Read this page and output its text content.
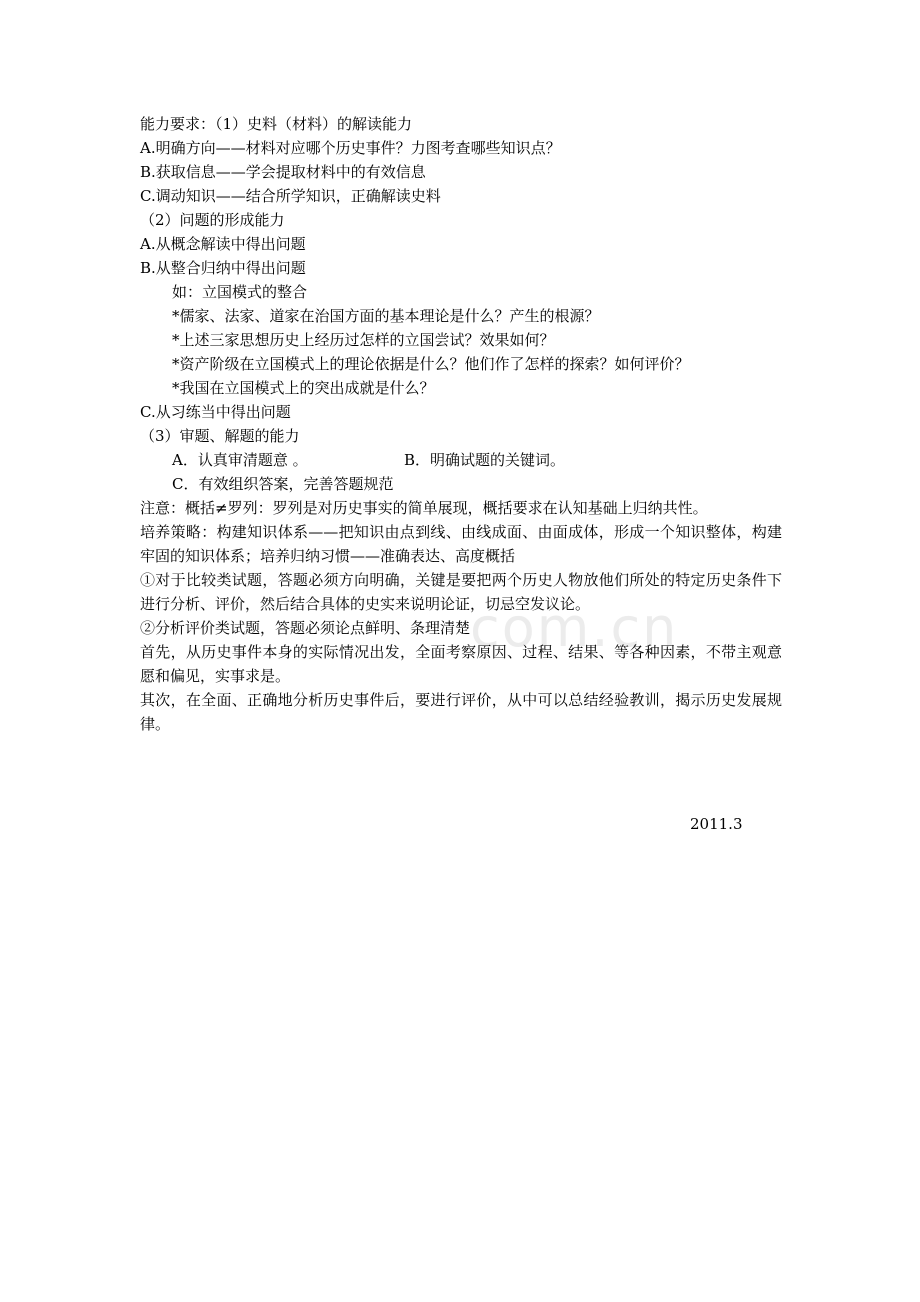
com.cn
能力要求：（1）史料（材料）的解读能力
A.明确方向——材料对应哪个历史事件？力图考查哪些知识点？
B.获取信息——学会提取材料中的有效信息
C.调动知识——结合所学知识，正确解读史料
（2）问题的形成能力
A.从概念解读中得出问题
B.从整合归纳中得出问题
如：立国模式的整合
*儒家、法家、道家在治国方面的基本理论是什么？产生的根源？
*上述三家思想历史上经历过怎样的立国尝试？效果如何？
*资产阶级在立国模式上的理论依据是什么？他们作了怎样的探索？如何评价？
*我国在立国模式上的突出成就是什么？
C.从习练当中得出问题
（3）审题、解题的能力
A．认真审清题意 。	B．明确试题的关键词。
C．有效组织答案，完善答题规范
注意：概括≠罗列：罗列是对历史事实的简单展现，概括要求在认知基础上归纳共性。
培养策略：构建知识体系——把知识由点到线、由线成面、由面成体，形成一个知识整体，构建牢固的知识体系；培养归纳习惯——准确表达、高度概括
①对于比较类试题，答题必须方向明确，关键是要把两个历史人物放他们所处的特定历史条件下进行分析、评价，然后结合具体的史实来说明论证，切忌空发议论。
②分析评价类试题，答题必须论点鲜明、条理清楚
首先，从历史事件本身的实际情况出发，全面考察原因、过程、结果、等各种因素，不带主观意愿和偏见，实事求是。
其次，在全面、正确地分析历史事件后，要进行评价，从中可以总结经验教训，揭示历史发展规律。
2011.3
